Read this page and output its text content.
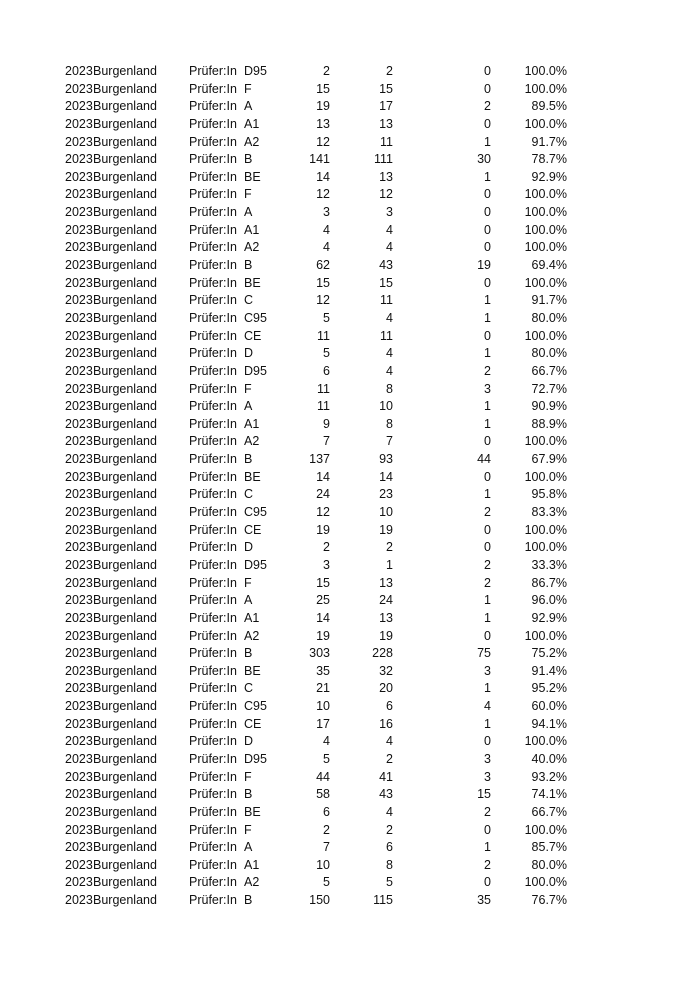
2023 Burgenland	Prüfer:In D95	2	2	0	100.0%
2023 Burgenland	Prüfer:In F	15	15	0	100.0%
2023 Burgenland	Prüfer:In A	19	17	2	89.5%
2023 Burgenland	Prüfer:In A1	13	13	0	100.0%
2023 Burgenland	Prüfer:In A2	12	11	1	91.7%
2023 Burgenland	Prüfer:In B	141	111	30	78.7%
2023 Burgenland	Prüfer:In BE	14	13	1	92.9%
2023 Burgenland	Prüfer:In F	12	12	0	100.0%
2023 Burgenland	Prüfer:In A	3	3	0	100.0%
2023 Burgenland	Prüfer:In A1	4	4	0	100.0%
2023 Burgenland	Prüfer:In A2	4	4	0	100.0%
2023 Burgenland	Prüfer:In B	62	43	19	69.4%
2023 Burgenland	Prüfer:In BE	15	15	0	100.0%
2023 Burgenland	Prüfer:In C	12	11	1	91.7%
2023 Burgenland	Prüfer:In C95	5	4	1	80.0%
2023 Burgenland	Prüfer:In CE	11	11	0	100.0%
2023 Burgenland	Prüfer:In D	5	4	1	80.0%
2023 Burgenland	Prüfer:In D95	6	4	2	66.7%
2023 Burgenland	Prüfer:In F	11	8	3	72.7%
2023 Burgenland	Prüfer:In A	11	10	1	90.9%
2023 Burgenland	Prüfer:In A1	9	8	1	88.9%
2023 Burgenland	Prüfer:In A2	7	7	0	100.0%
2023 Burgenland	Prüfer:In B	137	93	44	67.9%
2023 Burgenland	Prüfer:In BE	14	14	0	100.0%
2023 Burgenland	Prüfer:In C	24	23	1	95.8%
2023 Burgenland	Prüfer:In C95	12	10	2	83.3%
2023 Burgenland	Prüfer:In CE	19	19	0	100.0%
2023 Burgenland	Prüfer:In D	2	2	0	100.0%
2023 Burgenland	Prüfer:In D95	3	1	2	33.3%
2023 Burgenland	Prüfer:In F	15	13	2	86.7%
2023 Burgenland	Prüfer:In A	25	24	1	96.0%
2023 Burgenland	Prüfer:In A1	14	13	1	92.9%
2023 Burgenland	Prüfer:In A2	19	19	0	100.0%
2023 Burgenland	Prüfer:In B	303	228	75	75.2%
2023 Burgenland	Prüfer:In BE	35	32	3	91.4%
2023 Burgenland	Prüfer:In C	21	20	1	95.2%
2023 Burgenland	Prüfer:In C95	10	6	4	60.0%
2023 Burgenland	Prüfer:In CE	17	16	1	94.1%
2023 Burgenland	Prüfer:In D	4	4	0	100.0%
2023 Burgenland	Prüfer:In D95	5	2	3	40.0%
2023 Burgenland	Prüfer:In F	44	41	3	93.2%
2023 Burgenland	Prüfer:In B	58	43	15	74.1%
2023 Burgenland	Prüfer:In BE	6	4	2	66.7%
2023 Burgenland	Prüfer:In F	2	2	0	100.0%
2023 Burgenland	Prüfer:In A	7	6	1	85.7%
2023 Burgenland	Prüfer:In A1	10	8	2	80.0%
2023 Burgenland	Prüfer:In A2	5	5	0	100.0%
2023 Burgenland	Prüfer:In B	150	115	35	76.7%
